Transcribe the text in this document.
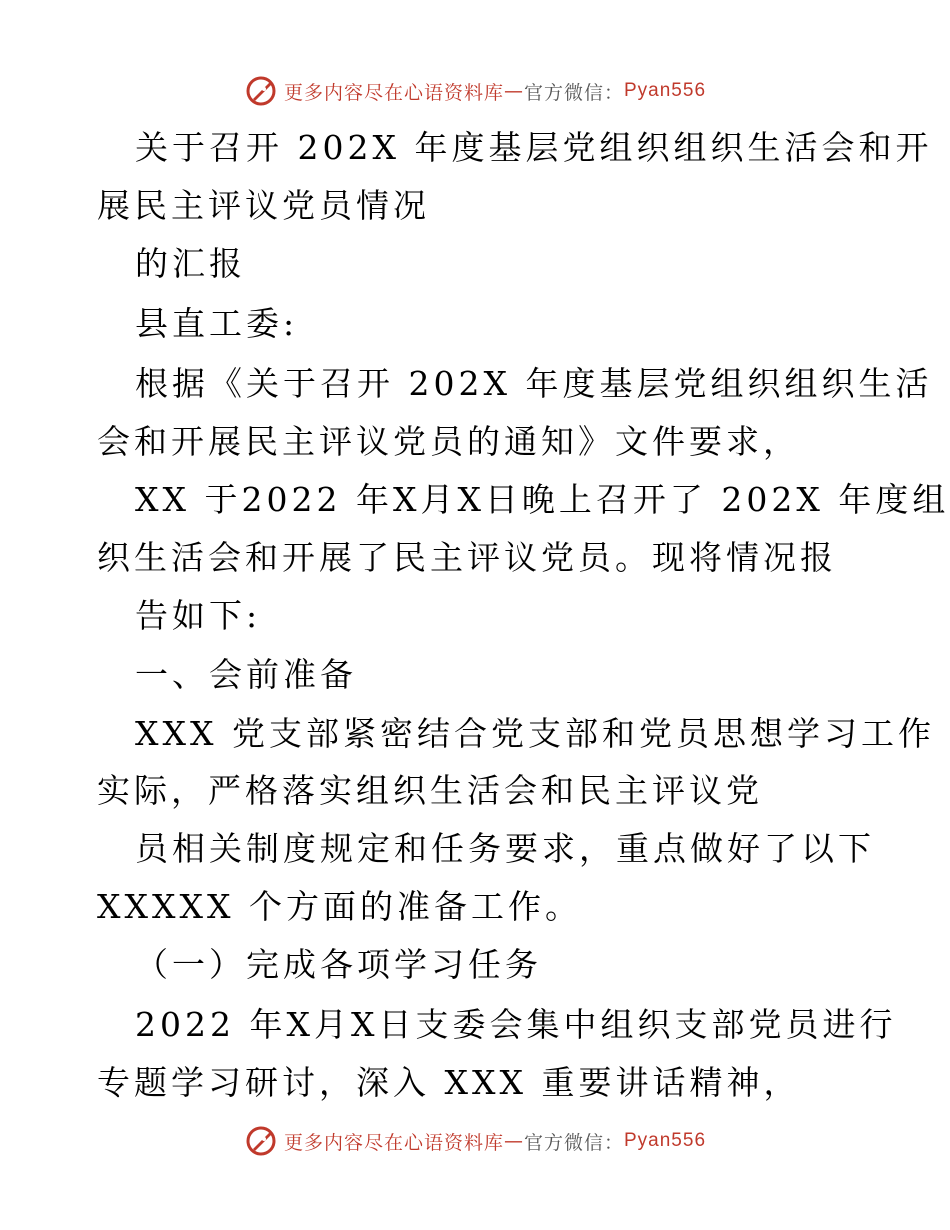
更多内容尽在心语资料库 — 官方微信： Pyan556
关于召开 202X 年度基层党组织组织生活会和开
展民主评议党员情况
的汇报
县直工委:
根据《关于召开 202X 年度基层党组织组织生活
会和开展民主评议党员的通知》文件要求，
XX 于2022 年X月X日晚上召开了 202X 年度组
织生活会和开展了民主评议党员。现将情况报
告如下:
一、会前准备
XXX 党支部紧密结合党支部和党员思想学习工作
实际，严格落实组织生活会和民主评议党
员相关制度规定和任务要求，重点做好了以下
XXXXX 个方面的准备工作。
（一）完成各项学习任务
2022 年X月X日支委会集中组织支部党员进行
专题学习研讨，深入 XXX 重要讲话精神，
更多内容尽在心语资料库 — 官方微信： Pyan556
